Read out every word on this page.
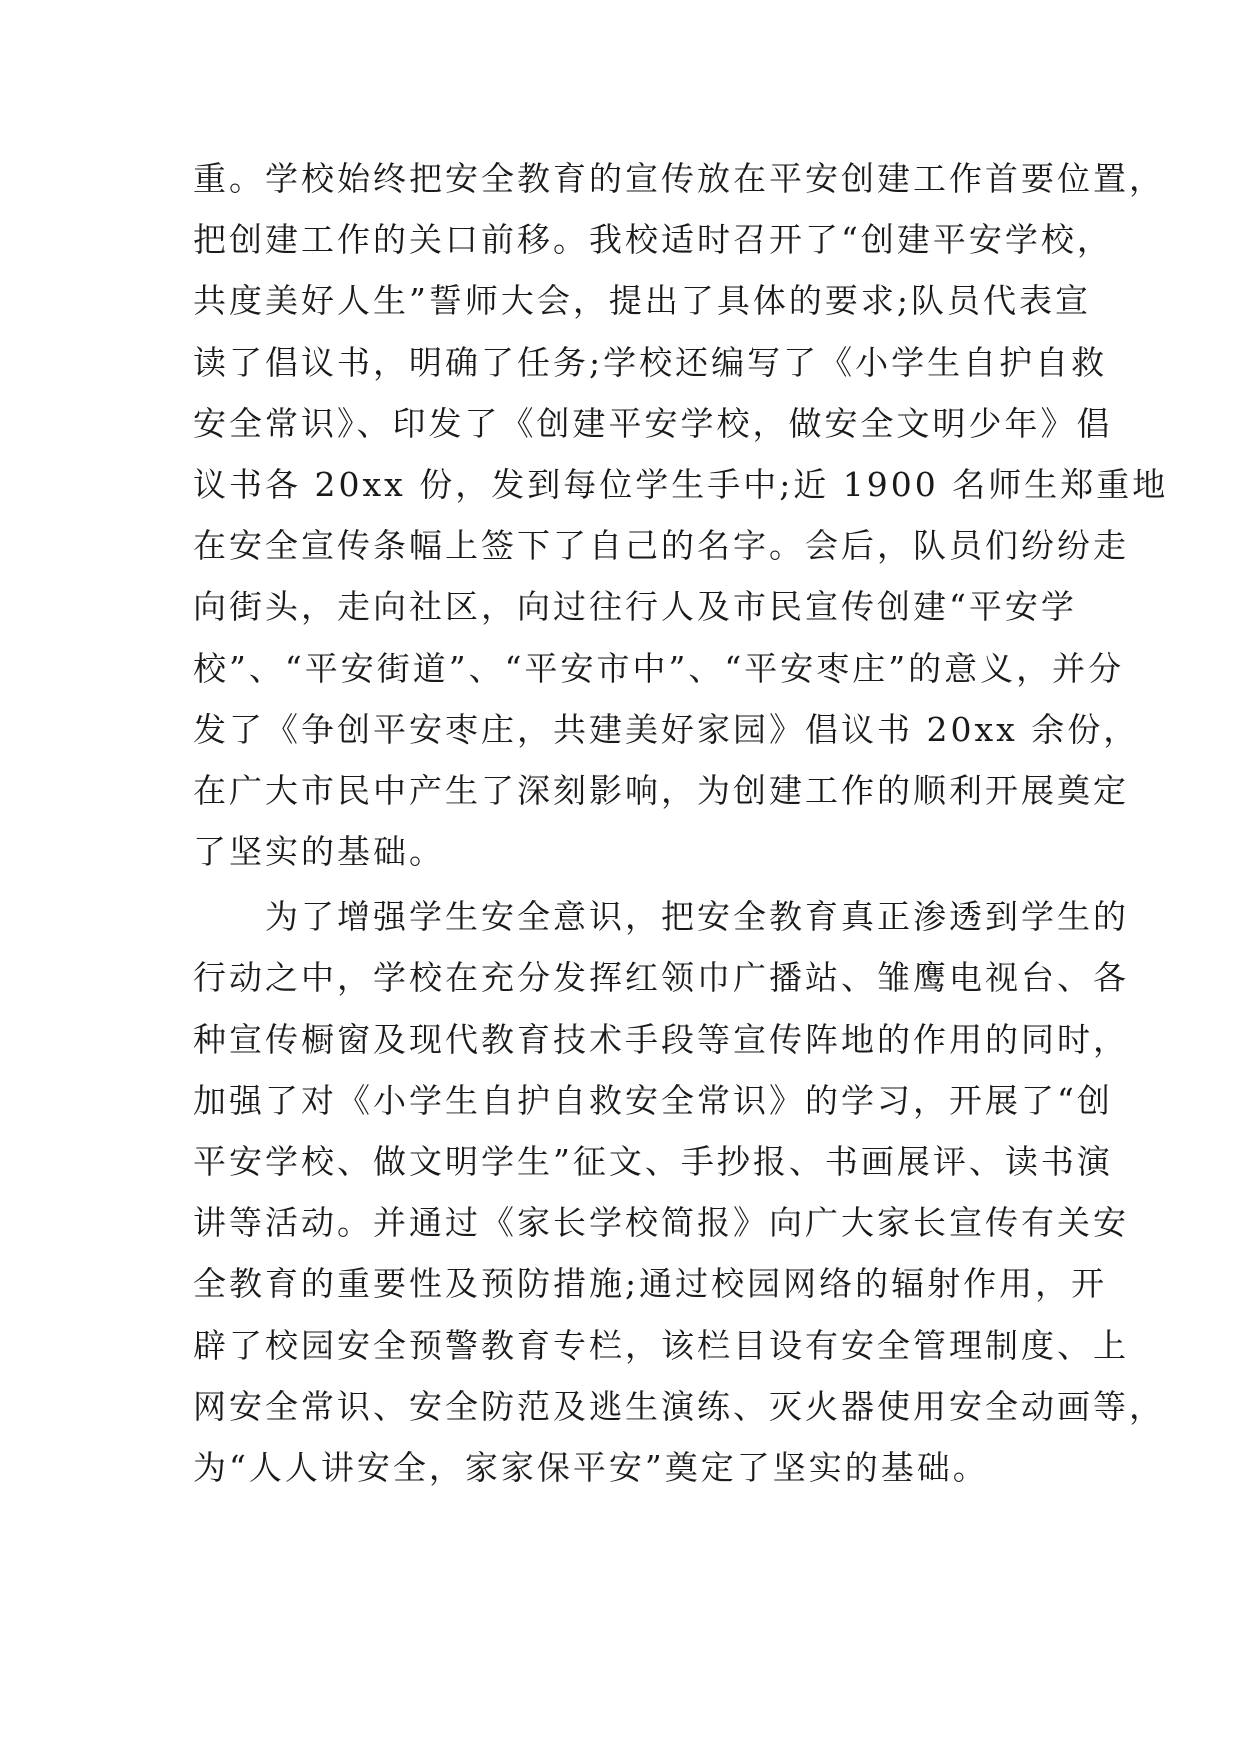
重。学校始终把安全教育的宣传放在平安创建工作首要位置，
把创建工作的关口前移。我校适时召开了“创建平安学校，
共度美好人生”誓师大会，提出了具体的要求;队员代表宣
读了倡议书，明确了任务;学校还编写了《小学生自护自救
安全常识》、印发了《创建平安学校，做安全文明少年》倡
议书各 20xx 份，发到每位学生手中;近 1900 名师生郑重地
在安全宣传条幅上签下了自己的名字。会后，队员们纷纷走
向街头，走向社区，向过往行人及市民宣传创建“平安学
校”、“平安街道”、“平安市中”、“平安枣庄”的意义，并分
发了《争创平安枣庄，共建美好家园》倡议书 20xx 余份，
在广大市民中产生了深刻影响，为创建工作的顺利开展奠定
了坚实的基础。
　　为了增强学生安全意识，把安全教育真正渗透到学生的
行动之中，学校在充分发挥红领巾广播站、雏鹰电视台、各
种宣传橱窗及现代教育技术手段等宣传阵地的作用的同时，
加强了对《小学生自护自救安全常识》的学习，开展了“创
平安学校、做文明学生”征文、手抄报、书画展评、读书演
讲等活动。并通过《家长学校简报》向广大家长宣传有关安
全教育的重要性及预防措施;通过校园网络的辐射作用，开
辟了校园安全预警教育专栏，该栏目设有安全管理制度、上
网安全常识、安全防范及逃生演练、灭火器使用安全动画等，
为“人人讲安全，家家保平安”奠定了坚实的基础。
